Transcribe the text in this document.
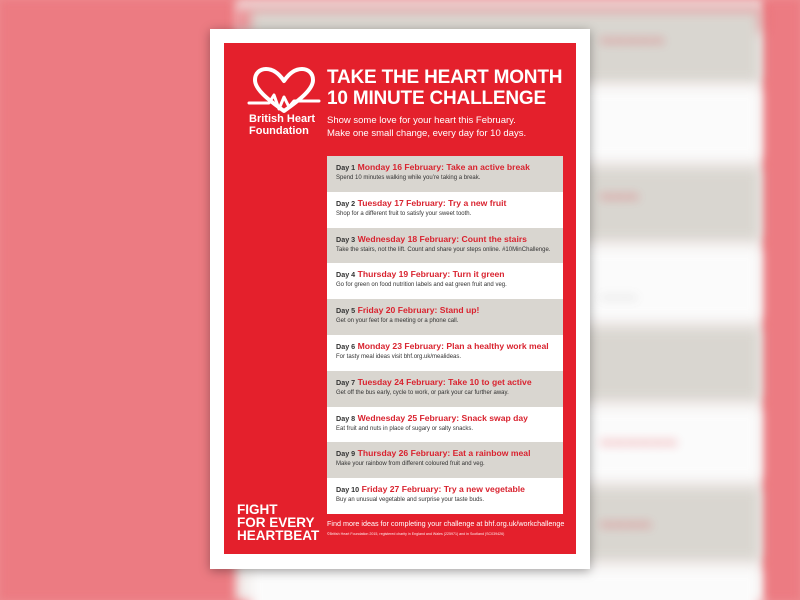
~~~~~
~~~
~~~~~~
~~~~
~~~~
British Heart
Foundation
TAKE THE HEART MONTH
10 MINUTE CHALLENGE
Show some love for your heart this February.
Make one small change, every day for 10 days.
Day 1 Monday 16 February: Take an active break
Spend 10 minutes walking while you’re taking a break.
Day 2 Tuesday 17 February: Try a new fruit
Shop for a different fruit to satisfy your sweet tooth.
Day 3 Wednesday 18 February: Count the stairs
Take the stairs, not the lift. Count and share your steps online. #10MinChallenge.
Day 4 Thursday 19 February: Turn it green
Go for green on food nutrition labels and eat green fruit and veg.
Day 5 Friday 20 February: Stand up!
Get on your feet for a meeting or a phone call.
Day 6 Monday 23 February: Plan a healthy work meal
For tasty meal ideas visit bhf.org.uk/mealideas.
Day 7 Tuesday 24 February: Take 10 to get active
Get off the bus early, cycle to work, or park your car further away.
Day 8 Wednesday 25 February: Snack swap day
Eat fruit and nuts in place of sugary or salty snacks.
Day 9 Thursday 26 February: Eat a rainbow meal
Make your rainbow from different coloured fruit and veg.
Day 10 Friday 27 February: Try a new vegetable
Buy an unusual vegetable and surprise your taste buds.
FIGHT
FOR EVERY
HEARTBEAT
Find more ideas for completing your challenge at bhf.org.uk/workchallenge
©British Heart Foundation 2015, registered charity in England and Wales (225971) and in Scotland (SC039426)
